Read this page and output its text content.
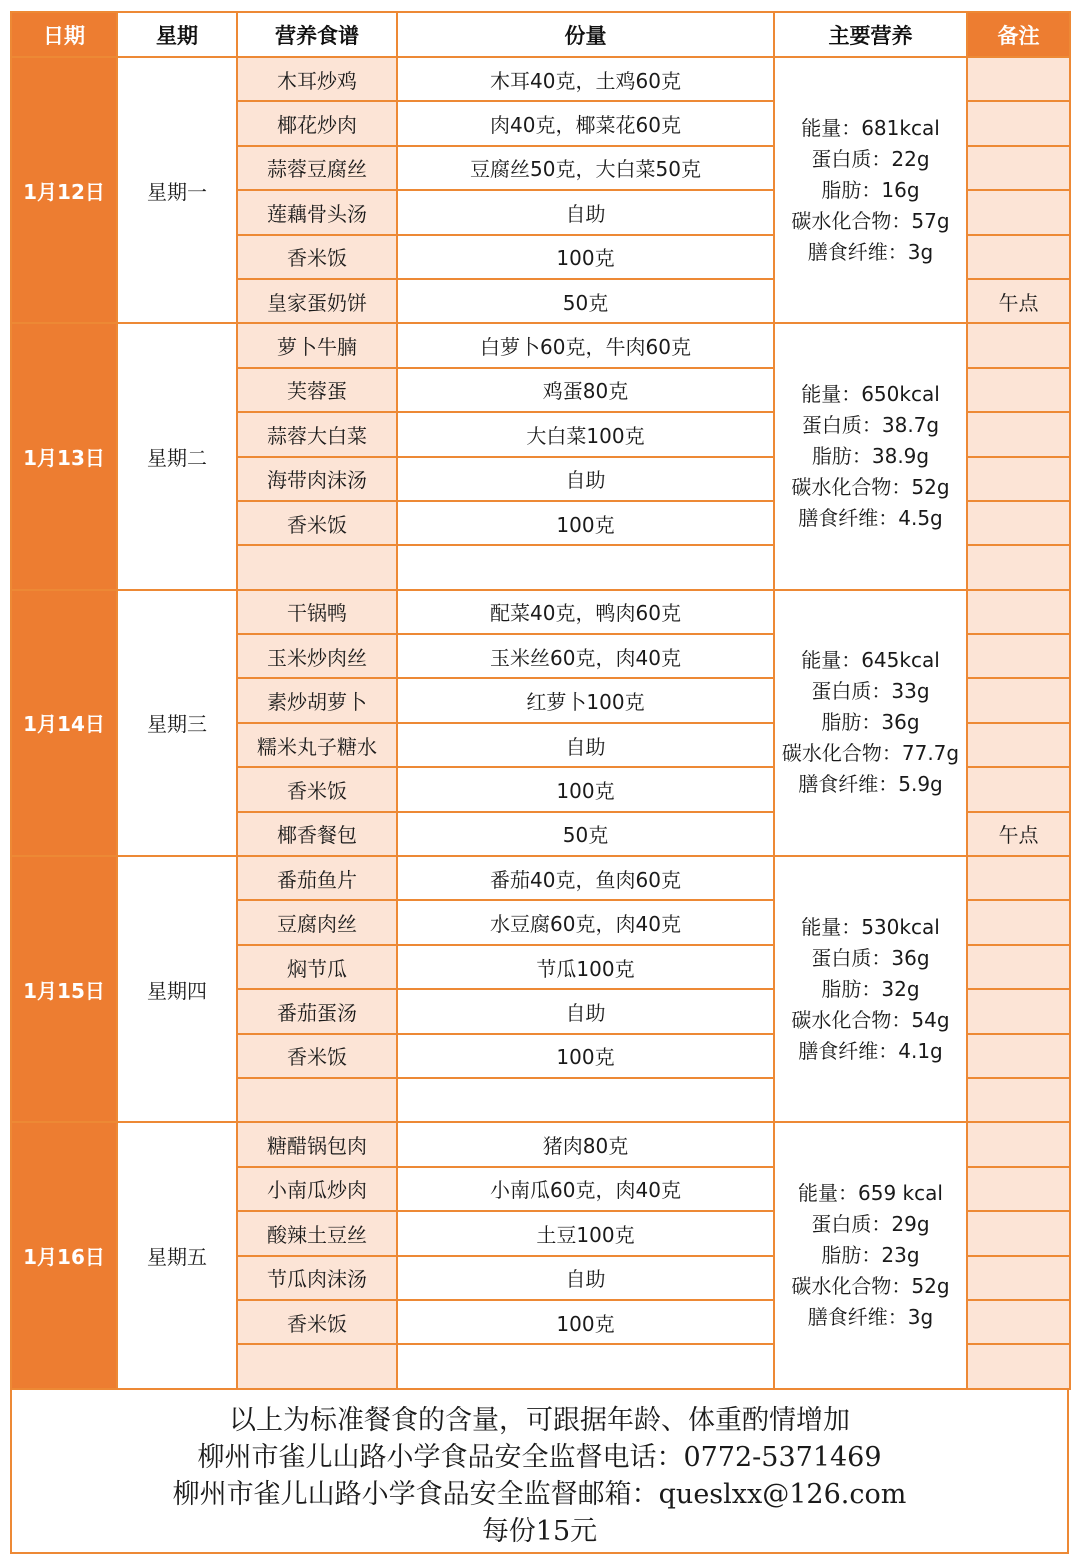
日期	星期	营养食谱	份量	主要营养	备注
1月12日	星期一	木耳炒鸡	木耳40克，土鸡60克	能量：681kcal
蛋白质：22g
脂肪：16g
碳水化合物：57g
膳食纤维：3g	

		椰花炒肉	肉40克，椰菜花60克		
		蒜蓉豆腐丝	豆腐丝50克，大白菜50克		
		莲藕骨头汤	自助		
		香米饭	100克		
		皇家蛋奶饼	50克		午点
1月13日	星期二	萝卜牛腩	白萝卜60克，牛肉60克	能量：650kcal
蛋白质：38.7g
脂肪：38.9g
碳水化合物：52g
膳食纤维：4.5g	

		芙蓉蛋	鸡蛋80克		
		蒜蓉大白菜	大白菜100克		
		海带肉沫汤	自助		
		香米饭	100克		

1月14日	星期三	干锅鸭	配菜40克，鸭肉60克	能量：645kcal
蛋白质：33g
脂肪：36g
碳水化合物：77.7g
膳食纤维：5.9g	

		玉米炒肉丝	玉米丝60克，肉40克		
		素炒胡萝卜	红萝卜100克		
		糯米丸子糖水	自助		
		香米饭	100克		
		椰香餐包	50克		午点
1月15日	星期四	番茄鱼片	番茄40克，鱼肉60克	能量：530kcal
蛋白质：36g
脂肪：32g
碳水化合物：54g
膳食纤维：4.1g	

		豆腐肉丝	水豆腐60克，肉40克		
		焖节瓜	节瓜100克		
		番茄蛋汤	自助		
		香米饭	100克		

1月16日	星期五	糖醋锅包肉	猪肉80克	能量：659 kcal
蛋白质：29g
脂肪：23g
碳水化合物：52g
膳食纤维：3g	

		小南瓜炒肉	小南瓜60克，肉40克		
		酸辣土豆丝	土豆100克		
		节瓜肉沫汤	自助		
		香米饭	100克		

以上为标准餐食的含量，可跟据年龄、体重酌情增加
柳州市雀儿山路小学食品安全监督电话：0772-5371469
柳州市雀儿山路小学食品安全监督邮箱：queslxx@126.com
每份15元
